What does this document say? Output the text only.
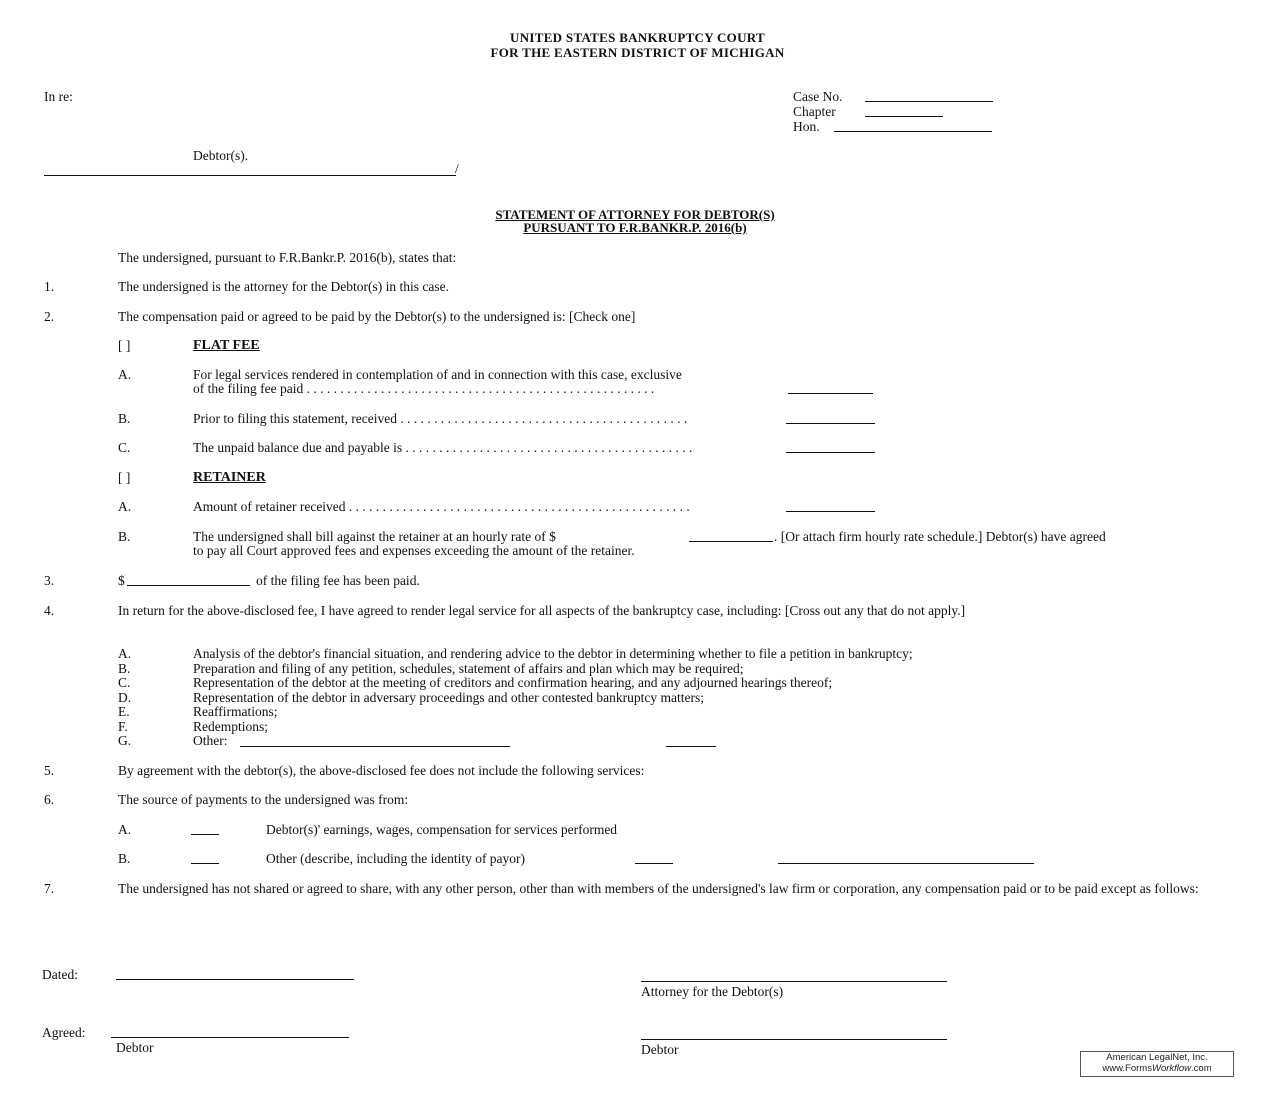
UNITED STATES BANKRUPTCY COURT
FOR THE EASTERN DISTRICT OF MICHIGAN
In re:	Case No.
Chapter
Hon.
Debtor(s).
/
STATEMENT OF ATTORNEY FOR DEBTOR(S)
PURSUANT TO F.R.BANKR.P. 2016(b)
The undersigned, pursuant to F.R.Bankr.P. 2016(b), states that:
1.	The undersigned is the attorney for the Debtor(s) in this case.
2.	The compensation paid or agreed to be paid by the Debtor(s) to the undersigned is: [Check one]
[ ]	FLAT FEE
A.	For legal services rendered in contemplation of and in connection with this case, exclusive
of the filing fee paid . . . . . . . . . . . . . . . . . . . . . . . . . . . . . . . . . . . . . . . . . . . . . . . . . . . .
B.	Prior to filing this statement, received . . . . . . . . . . . . . . . . . . . . . . . . . . . . . . . . . . . . . . . . . . .
C.	The unpaid balance due and payable is . . . . . . . . . . . . . . . . . . . . . . . . . . . . . . . . . . . . . . . . . . .
[ ]	RETAINER
A.	Amount of retainer received . . . . . . . . . . . . . . . . . . . . . . . . . . . . . . . . . . . . . . . . . . . . . . . . . . .
B.	The undersigned shall bill against the retainer at an hourly rate of $	. [Or attach firm hourly rate schedule.] Debtor(s) have agreed
to pay all Court approved fees and expenses exceeding the amount of the retainer.
3.	$	of the filing fee has been paid.
4.	In return for the above-disclosed fee, I have agreed to render legal service for all aspects of the bankruptcy case, including: [Cross out any that do not apply.]
A.	Analysis of the debtor's financial situation, and rendering advice to the debtor in determining whether to file a petition in bankruptcy;
B.	Preparation and filing of any petition, schedules, statement of affairs and plan which may be required;
C.	Representation of the debtor at the meeting of creditors and confirmation hearing, and any adjourned hearings thereof;
D.	Representation of the debtor in adversary proceedings and other contested bankruptcy matters;
E.	Reaffirmations;
F.	Redemptions;
G.	Other:
5.	By agreement with the debtor(s), the above-disclosed fee does not include the following services:
6.	The source of payments to the undersigned was from:
A.	Debtor(s)' earnings, wages, compensation for services performed
B.	Other (describe, including the identity of payor)
7.	The undersigned has not shared or agreed to share, with any other person, other than with members of the undersigned's law firm or corporation, any compensation paid or to be paid except as follows:
Dated:
Attorney for the Debtor(s)
Agreed:
Debtor	Debtor
American LegalNet, Inc.
www.FormsWorkflow.com
